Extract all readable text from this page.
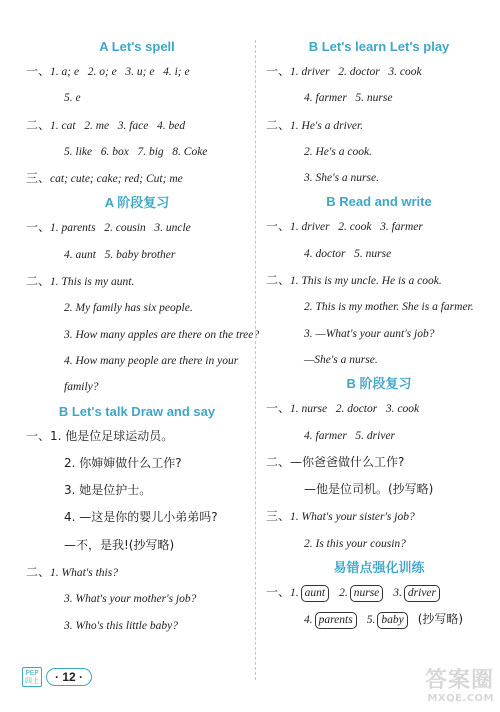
A Let's spell
一、1. a; e   2. o; e   3. u; e   4. i; e
5. e
二、1. cat   2. me   3. face   4. bed
5. like   6. box   7. big   8. Coke
三、cat; cute; cake; red; Cut; me
A 阶段复习
一、1. parents   2. cousin   3. uncle
4. aunt   5. baby brother
二、1. This is my aunt.
2. My family has six people.
3. How many apples are there on the tree?
4. How many people are there in your
family?
B Let's talk Draw and say
一、1. 他是位足球运动员。
2. 你婶婶做什么工作?
3. 她是位护士。
4. —这是你的婴儿小弟弟吗?
—不，是我!(抄写略)
二、1. What's this?
3. What's your mother's job?
3. Who's this little baby?
B Let's learn Let's play
一、1. driver   2. doctor   3. cook
4. farmer   5. nurse
二、1. He's a driver.
2. He's a cook.
3. She's a nurse.
B Read and write
一、1. driver   2. cook   3. farmer
4. doctor   5. nurse
二、1. This is my uncle. He is a cook.
2. This is my mother. She is a farmer.
3. —What's your aunt's job?
—She's a nurse.
B 阶段复习
一、1. nurse   2. doctor   3. cook
4. farmer   5. driver
二、—你爸爸做什么工作?
—他是位司机。(抄写略)
三、1. What's your sister's job?
2. Is this your cousin?
易错点强化训练
一、1. aunt 2. nurse 3. driver
4. parents 5. baby (抄写略)
PEP
四上	· 12 ·	答案圈
MXQE.COM
